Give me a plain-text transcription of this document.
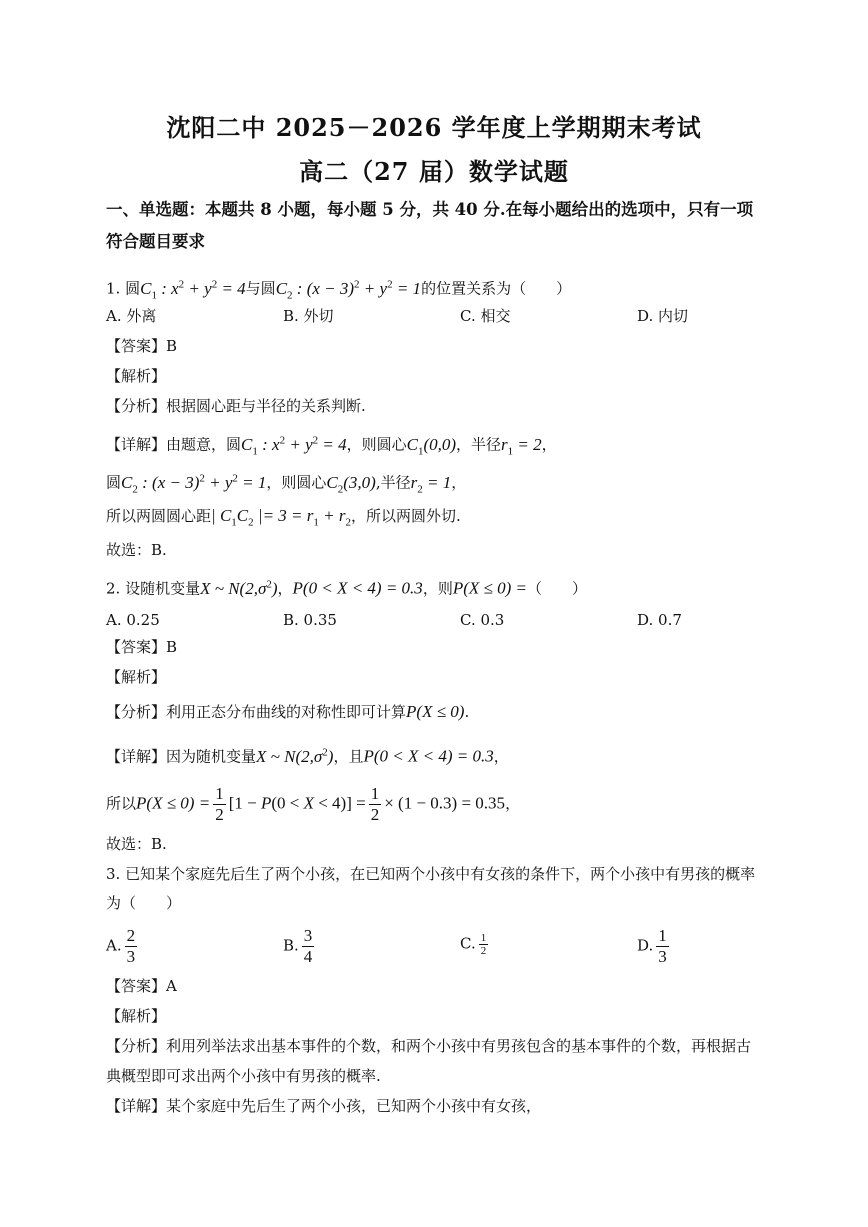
沈阳二中 2025－2026 学年度上学期期末考试
高二（27 届）数学试题
一、单选题：本题共 8 小题，每小题 5 分，共 40 分.在每小题给出的选项中，只有一项
符合题目要求
1. 圆$C_1$ : $x^2 + y^2 = 4$与圆$C_2$ : $(x - 3)^2 + y^2 = 1$的位置关系为（　　）
A. 外离	B. 外切	C. 相交	D. 内切
【答案】B
【解析】
【分析】根据圆心距与半径的关系判断.
【详解】由题意，圆$C_1$ : $x^2 + y^2 = 4$，则圆心$C_1(0,0)$，半径$r_1 = 2$，
圆$C_2$ : $(x - 3)^2 + y^2 = 1$，则圆心$C_2(3,0)$,半径$r_2 = 1$，
所以两圆圆心距| $C_1C_2$ |= $3 = r_1 + r_2$，所以两圆外切.
故选：B.
2. 设随机变量X ~ $N(2,\sigma^2)$，P(0 < X < 4) = 0.3，则P(X ≤ 0) =（　　）
A. 0.25	B. 0.35	C. 0.3	D. 0.7
【答案】B
【解析】
【分析】利用正态分布曲线的对称性即可计算P(X ≤ 0).
【详解】因为随机变量X ~ $N(2,\sigma^2)$，且P(0 < X < 4) = 0.3，
所以$P(X \le 0) = \frac{1}{2} [1 - P(0 < X < 4)] = \frac{1}{2} \times (1 - 0.3) = 0.35$，
故选：B.
3. 已知某个家庭先后生了两个小孩，在已知两个小孩中有女孩的条件下，两个小孩中有男孩的概率
为（　　）
A. $\frac{2}{3}$	B. $\frac{3}{4}$	C. $\frac{1}{2}$	D. $\frac{1}{3}$
【答案】A
【解析】
【分析】利用列举法求出基本事件的个数，和两个小孩中有男孩包含的基本事件的个数，再根据古
典概型即可求出两个小孩中有男孩的概率.
【详解】某个家庭中先后生了两个小孩，已知两个小孩中有女孩，
